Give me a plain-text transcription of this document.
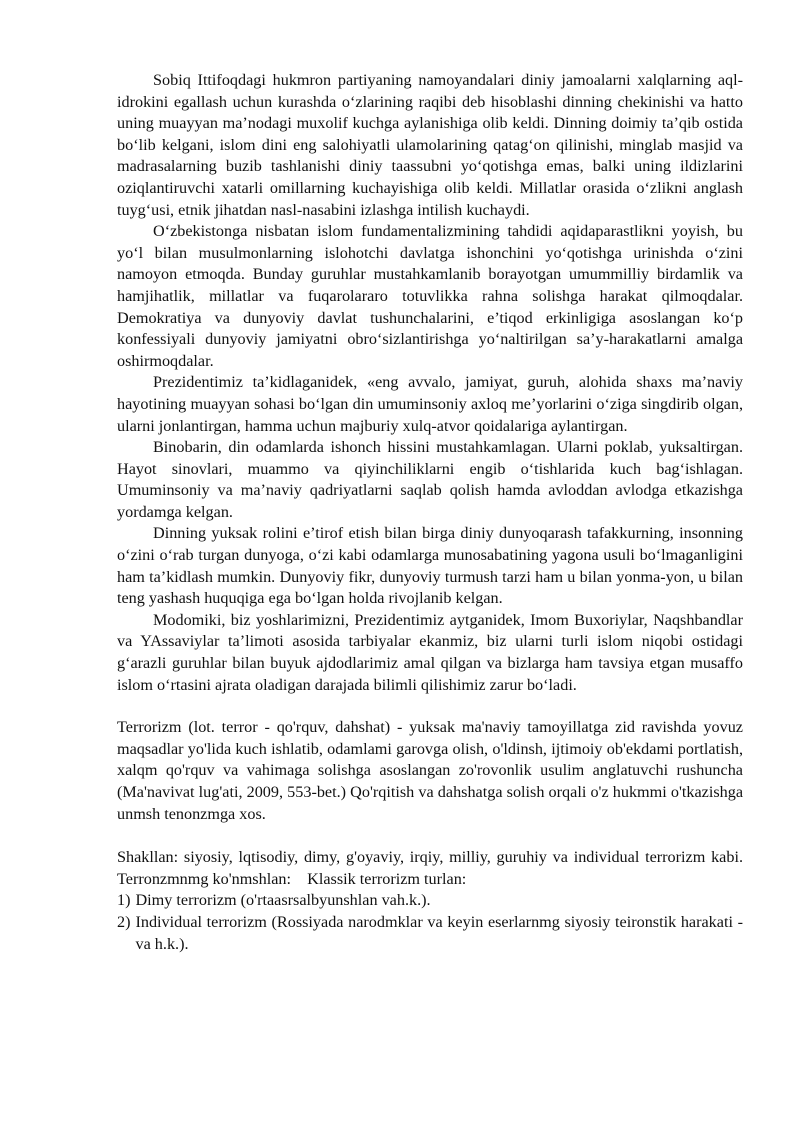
Sobiq Ittifoqdagi hukmron partiyaning namoyandalari diniy jamoalarni xalqlarning aql-idrokini egallash uchun kurashda o‘zlarining raqibi deb hisoblashi dinning chekinishi va hatto uning muayyan ma’nodagi muxolif kuchga aylanishiga olib keldi. Dinning doimiy ta’qib ostida bo‘lib kelgani, islom dini eng salohiyatli ulamolarining qatag‘on qilinishi, minglab masjid va madrasalarning buzib tashlanishi diniy taassubni yo‘qotishga emas, balki uning ildizlarini oziqlantiruvchi xatarli omillarning kuchayishiga olib keldi. Millatlar orasida o‘zlikni anglash tuyg‘usi, etnik jihatdan nasl-nasabini izlashga intilish kuchaydi.

O‘zbekistonga nisbatan islom fundamentalizmining tahdidi aqidaparastlikni yoyish, bu yo‘l bilan musulmonlarning islohotchi davlatga ishonchini yo‘qotishga urinishda o‘zini namoyon etmoqda. Bunday guruhlar mustahkamlanib borayotgan umummilliy birdamlik va hamjihatlik, millatlar va fuqarolararo totuvlikka rahna solishga harakat qilmoqdalar. Demokratiya va dunyoviy davlat tushunchalarini, e’tiqod erkinligiga asoslangan ko‘p konfessiyali dunyoviy jamiyatni obro‘sizlantirishga yo‘naltirilgan sa’y-harakatlarni amalga oshirmoqdalar.

Prezidentimiz ta’kidlaganidek, «eng avvalo, jamiyat, guruh, alohida shaxs ma’naviy hayotining muayyan sohasi bo‘lgan din umuminsoniy axloq me’yorlarini o‘ziga singdirib olgan, ularni jonlantirgan, hamma uchun majburiy xulq-atvor qoidalariga aylantirgan.

Binobarin, din odamlarda ishonch hissini mustahkamlagan. Ularni poklab, yuksaltirgan. Hayot sinovlari, muammo va qiyinchiliklarni engib o‘tishlarida kuch bag‘ishlagan. Umuminsoniy va ma’naviy qadriyatlarni saqlab qolish hamda avloddan avlodga etkazishga yordamga kelgan.

Dinning yuksak rolini e’tirof etish bilan birga diniy dunyoqarash tafakkurning, insonning o‘zini o‘rab turgan dunyoga, o‘zi kabi odamlarga munosabatining yagona usuli bo‘lmaganligini ham ta’kidlash mumkin. Dunyoviy fikr, dunyoviy turmush tarzi ham u bilan yonma-yon, u bilan teng yashash huquqiga ega bo‘lgan holda rivojlanib kelgan.

Modomiki, biz yoshlarimizni, Prezidentimiz aytganidek, Imom Buxoriylar, Naqshbandlar va YAssaviylar ta’limoti asosida tarbiyalar ekanmiz, biz ularni turli islom niqobi ostidagi g‘arazli guruhlar bilan buyuk ajdodlarimiz amal qilgan va bizlarga ham tavsiya etgan musaffo islom o‘rtasini ajrata oladigan darajada bilimli qilishimiz zarur bo‘ladi.

Terrorizm (lot. terror - qo'rquv, dahshat) - yuksak ma'naviy tamoyillatga zid ravishda yovuz maqsadlar yo'lida kuch ishlatib, odamlami garovga olish, o'ldinsh, ijtimoiy ob'ekdami portlatish, xalqm qo'rquv va vahimaga solishga asoslangan zo'rovonlik usulim anglatuvchi rushuncha (Ma'navivat lug'ati, 2009, 553-bet.) Qo'rqitish va dahshatga solish orqali o'z hukmmi o'tkazishga unmsh tenonzmga xos.

Shakllan: siyosiy, lqtisodiy, dimy, g'oyaviy, irqiy, milliy, guruhiy va individual terrorizm kabi. Terronzmnmg ko'nmshlan:    Klassik terrorizm turlan:

1) Dimy terrorizm (o'rtaasrsalbyunshlan vah.k.).
2) Individual terrorizm (Rossiyada narodmklar va keyin eserlarnmg siyosiy teironstik harakati -va h.k.).
